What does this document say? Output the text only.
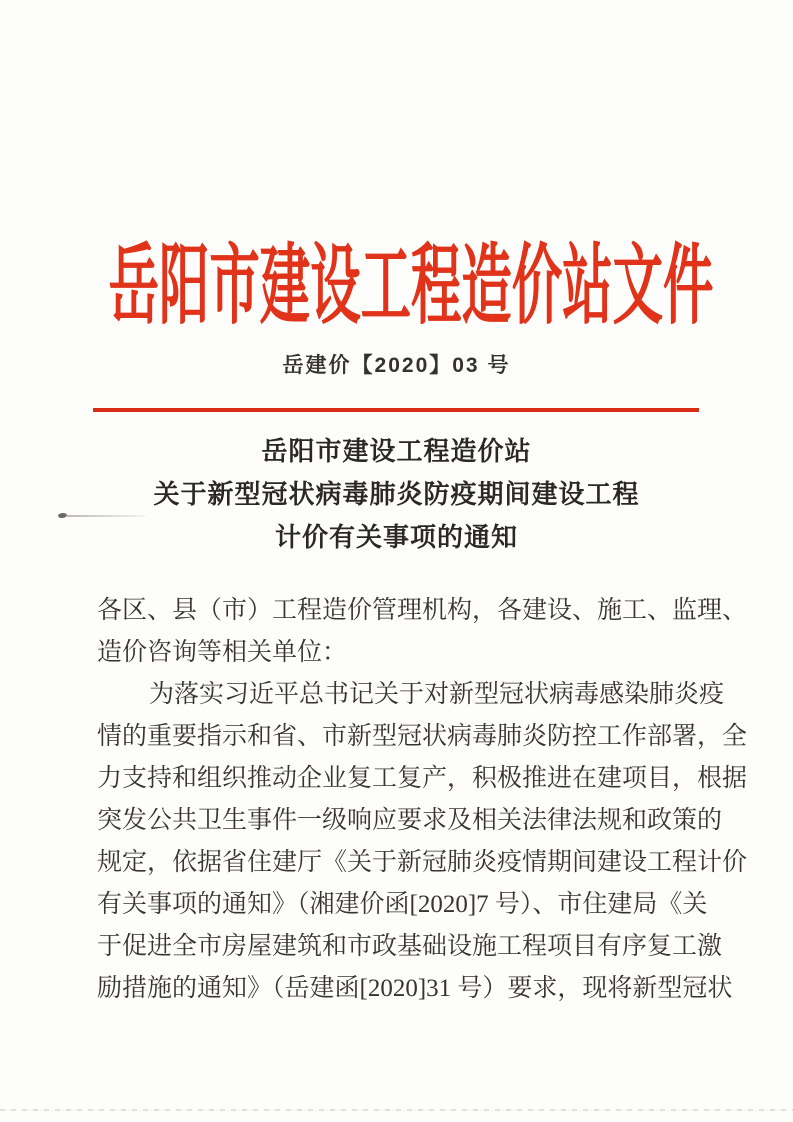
岳阳市建设工程造价站文件
岳建价【2020】03 号
岳阳市建设工程造价站
关于新型冠状病毒肺炎防疫期间建设工程
计价有关事项的通知
各区、县（市）工程造价管理机构，各建设、施工、监理、
造价咨询等相关单位：
为落实习近平总书记关于对新型冠状病毒感染肺炎疫
情的重要指示和省、市新型冠状病毒肺炎防控工作部署，全
力支持和组织推动企业复工复产，积极推进在建项目，根据
突发公共卫生事件一级响应要求及相关法律法规和政策的
规定，依据省住建厅《关于新冠肺炎疫情期间建设工程计价
有关事项的通知》（湘建价函[2020]7 号）、市住建局《关
于促进全市房屋建筑和市政基础设施工程项目有序复工激
励措施的通知》（岳建函[2020]31 号）要求，现将新型冠状
